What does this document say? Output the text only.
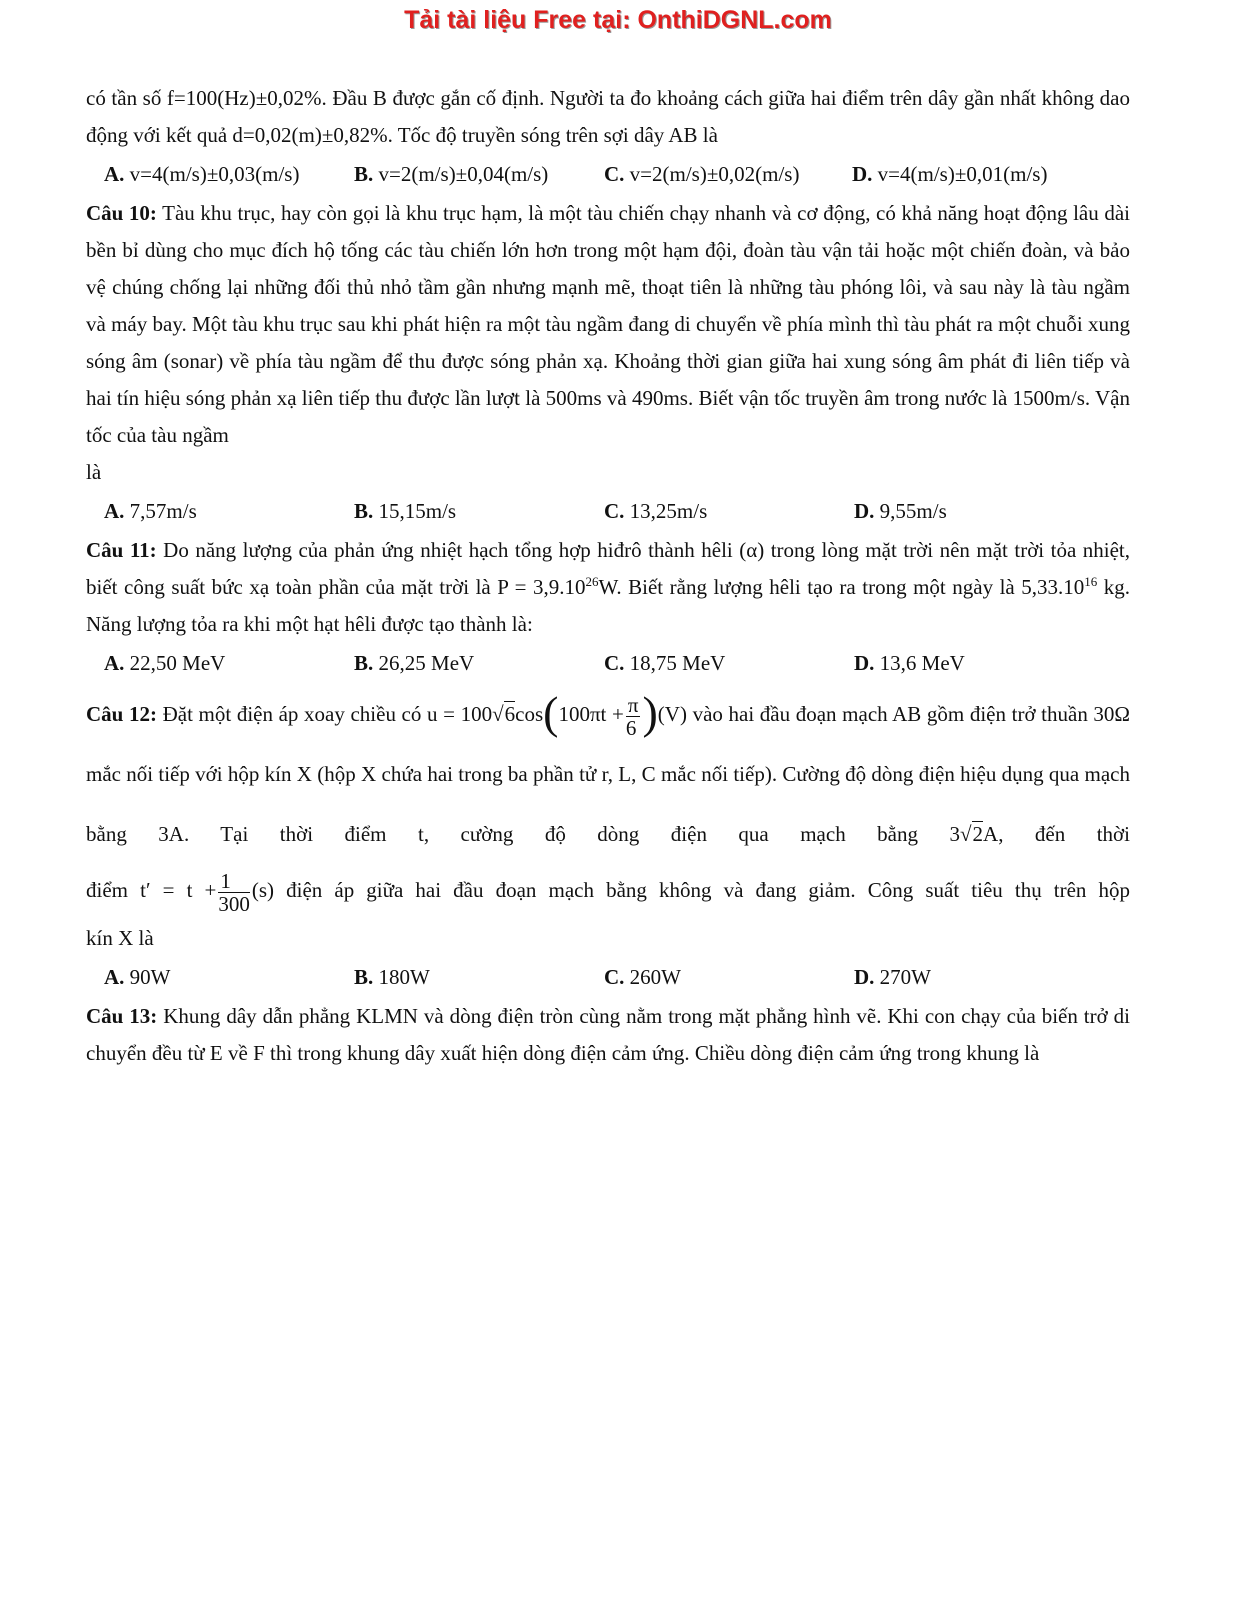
Tải tài liệu Free tại: OnthiDGNL.com

có tần số f=100(Hz)±0,02%. Đầu B được gắn cố định. Người ta đo khoảng cách giữa hai điểm trên dây gần nhất không dao động với kết quả d=0,02(m)±0,82%. Tốc độ truyền sóng trên sợi dây AB là

A. v=4(m/s)±0,03(m/s)	B. v=2(m/s)±0,04(m/s)	C. v=2(m/s)±0,02(m/s)	D. v=4(m/s)±0,01(m/s)

Câu 10: Tàu khu trục, hay còn gọi là khu trục hạm, là một tàu chiến chạy nhanh và cơ động, có khả năng hoạt động lâu dài bền bỉ dùng cho mục đích hộ tống các tàu chiến lớn hơn trong một hạm đội, đoàn tàu vận tải hoặc một chiến đoàn, và bảo vệ chúng chống lại những đối thủ nhỏ tầm gần nhưng mạnh mẽ, thoạt tiên là những tàu phóng lôi, và sau này là tàu ngầm và máy bay. Một tàu khu trục sau khi phát hiện ra một tàu ngầm đang di chuyển về phía mình thì tàu phát ra một chuỗi xung sóng âm (sonar) về phía tàu ngầm để thu được sóng phản xạ. Khoảng thời gian giữa hai xung sóng âm phát đi liên tiếp và hai tín hiệu sóng phản xạ liên tiếp thu được lần lượt là 500ms và 490ms. Biết vận tốc truyền âm trong nước là 1500m/s. Vận tốc của tàu ngầm

là

A. 7,57m/s	B. 15,15m/s	C. 13,25m/s	D. 9,55m/s

Câu 11: Do năng lượng của phản ứng nhiệt hạch tổng hợp hiđrô thành hêli (α) trong lòng mặt trời nên mặt trời tỏa nhiệt, biết công suất bức xạ toàn phần của mặt trời là $P = 3,9.10^{26}W$. Biết rằng lượng hêli tạo ra trong một ngày là 5,33.10$^{16}$ kg. Năng lượng tỏa ra khi một hạt hêli được tạo thành là:

A. 22,50 MeV	B. 26,25 MeV	C. 18,75 MeV	D. 13,6 MeV

Câu 12: Đặt một điện áp xoay chiều có $u = 100√6\cos(100\pi t + \frac{\pi}{6} )(V)$ vào hai đầu đoạn mạch AB gồm điện trở thuần 30Ω mắc nối tiếp với hộp kín X (hộp X chứa hai trong ba phần tử r, L, C mắc nối tiếp). Cường độ dòng điện hiệu dụng qua mạch bằng 3A. Tại thời điểm t, cường độ dòng điện qua mạch bằng 3√2A, đến thời

điểm $t' = t + \frac{1}{300} (s)$ điện áp giữa hai đầu đoạn mạch bằng không và đang giảm. Công suất tiêu thụ trên hộp

kín X là

A. 90W	B. 180W	C. 260W	D. 270W

Câu 13: Khung dây dẫn phẳng KLMN và dòng điện tròn cùng nằm trong mặt phẳng hình vẽ. Khi con chạy của biến trở di chuyển đều từ E về F thì trong khung dây xuất hiện dòng điện cảm ứng. Chiều dòng điện cảm ứng trong khung là
